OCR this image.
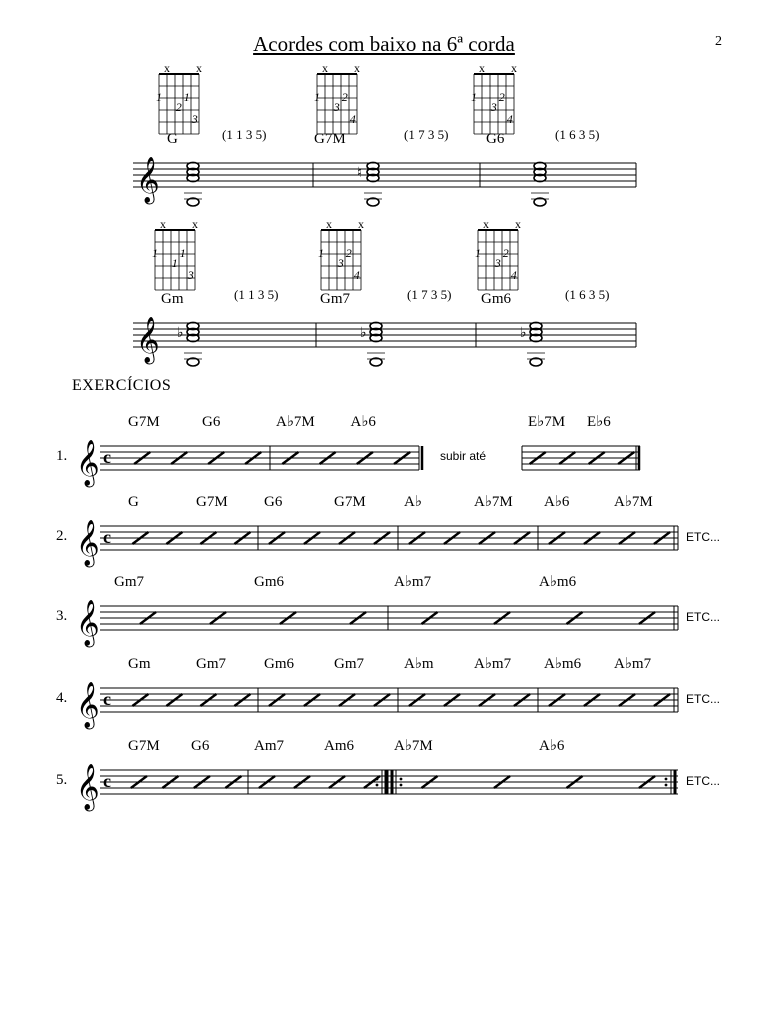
Acordes com baixo na 6ª corda	2
EXERCÍCIOS
𝄞
x x
1 1
2
3
G	(1 1 3 5)
x x
1 2
3
4
G7M	(1 7 3 5)
♮
x x
1 2
3
4
G6	(1 6 3 5)
𝄞
x x
1 1
1
3
Gm	(1 1 3 5)
♭
x x
1 2
3
4
Gm7	(1 7 3 5)
♭
x x
1 2
3
4
Gm6	(1 6 3 5)
♭
1. 𝄞 c	subir até
G7M	G6	A♭7M A♭6	E♭7M E♭6
2. 𝄞 c	ETC...
G	G7M G6	G7M	A♭	A♭7M A♭6	A♭7M
3. 𝄞	ETC...
Gm7	Gm6	A♭m7	A♭m6
4. 𝄞 c	ETC...
Gm	Gm7	Gm6	Gm7	A♭m	A♭m7 A♭m6 A♭m7
5. 𝄞 c	ETC...
G7M G6	Am7	Am6	A♭7M	A♭6
